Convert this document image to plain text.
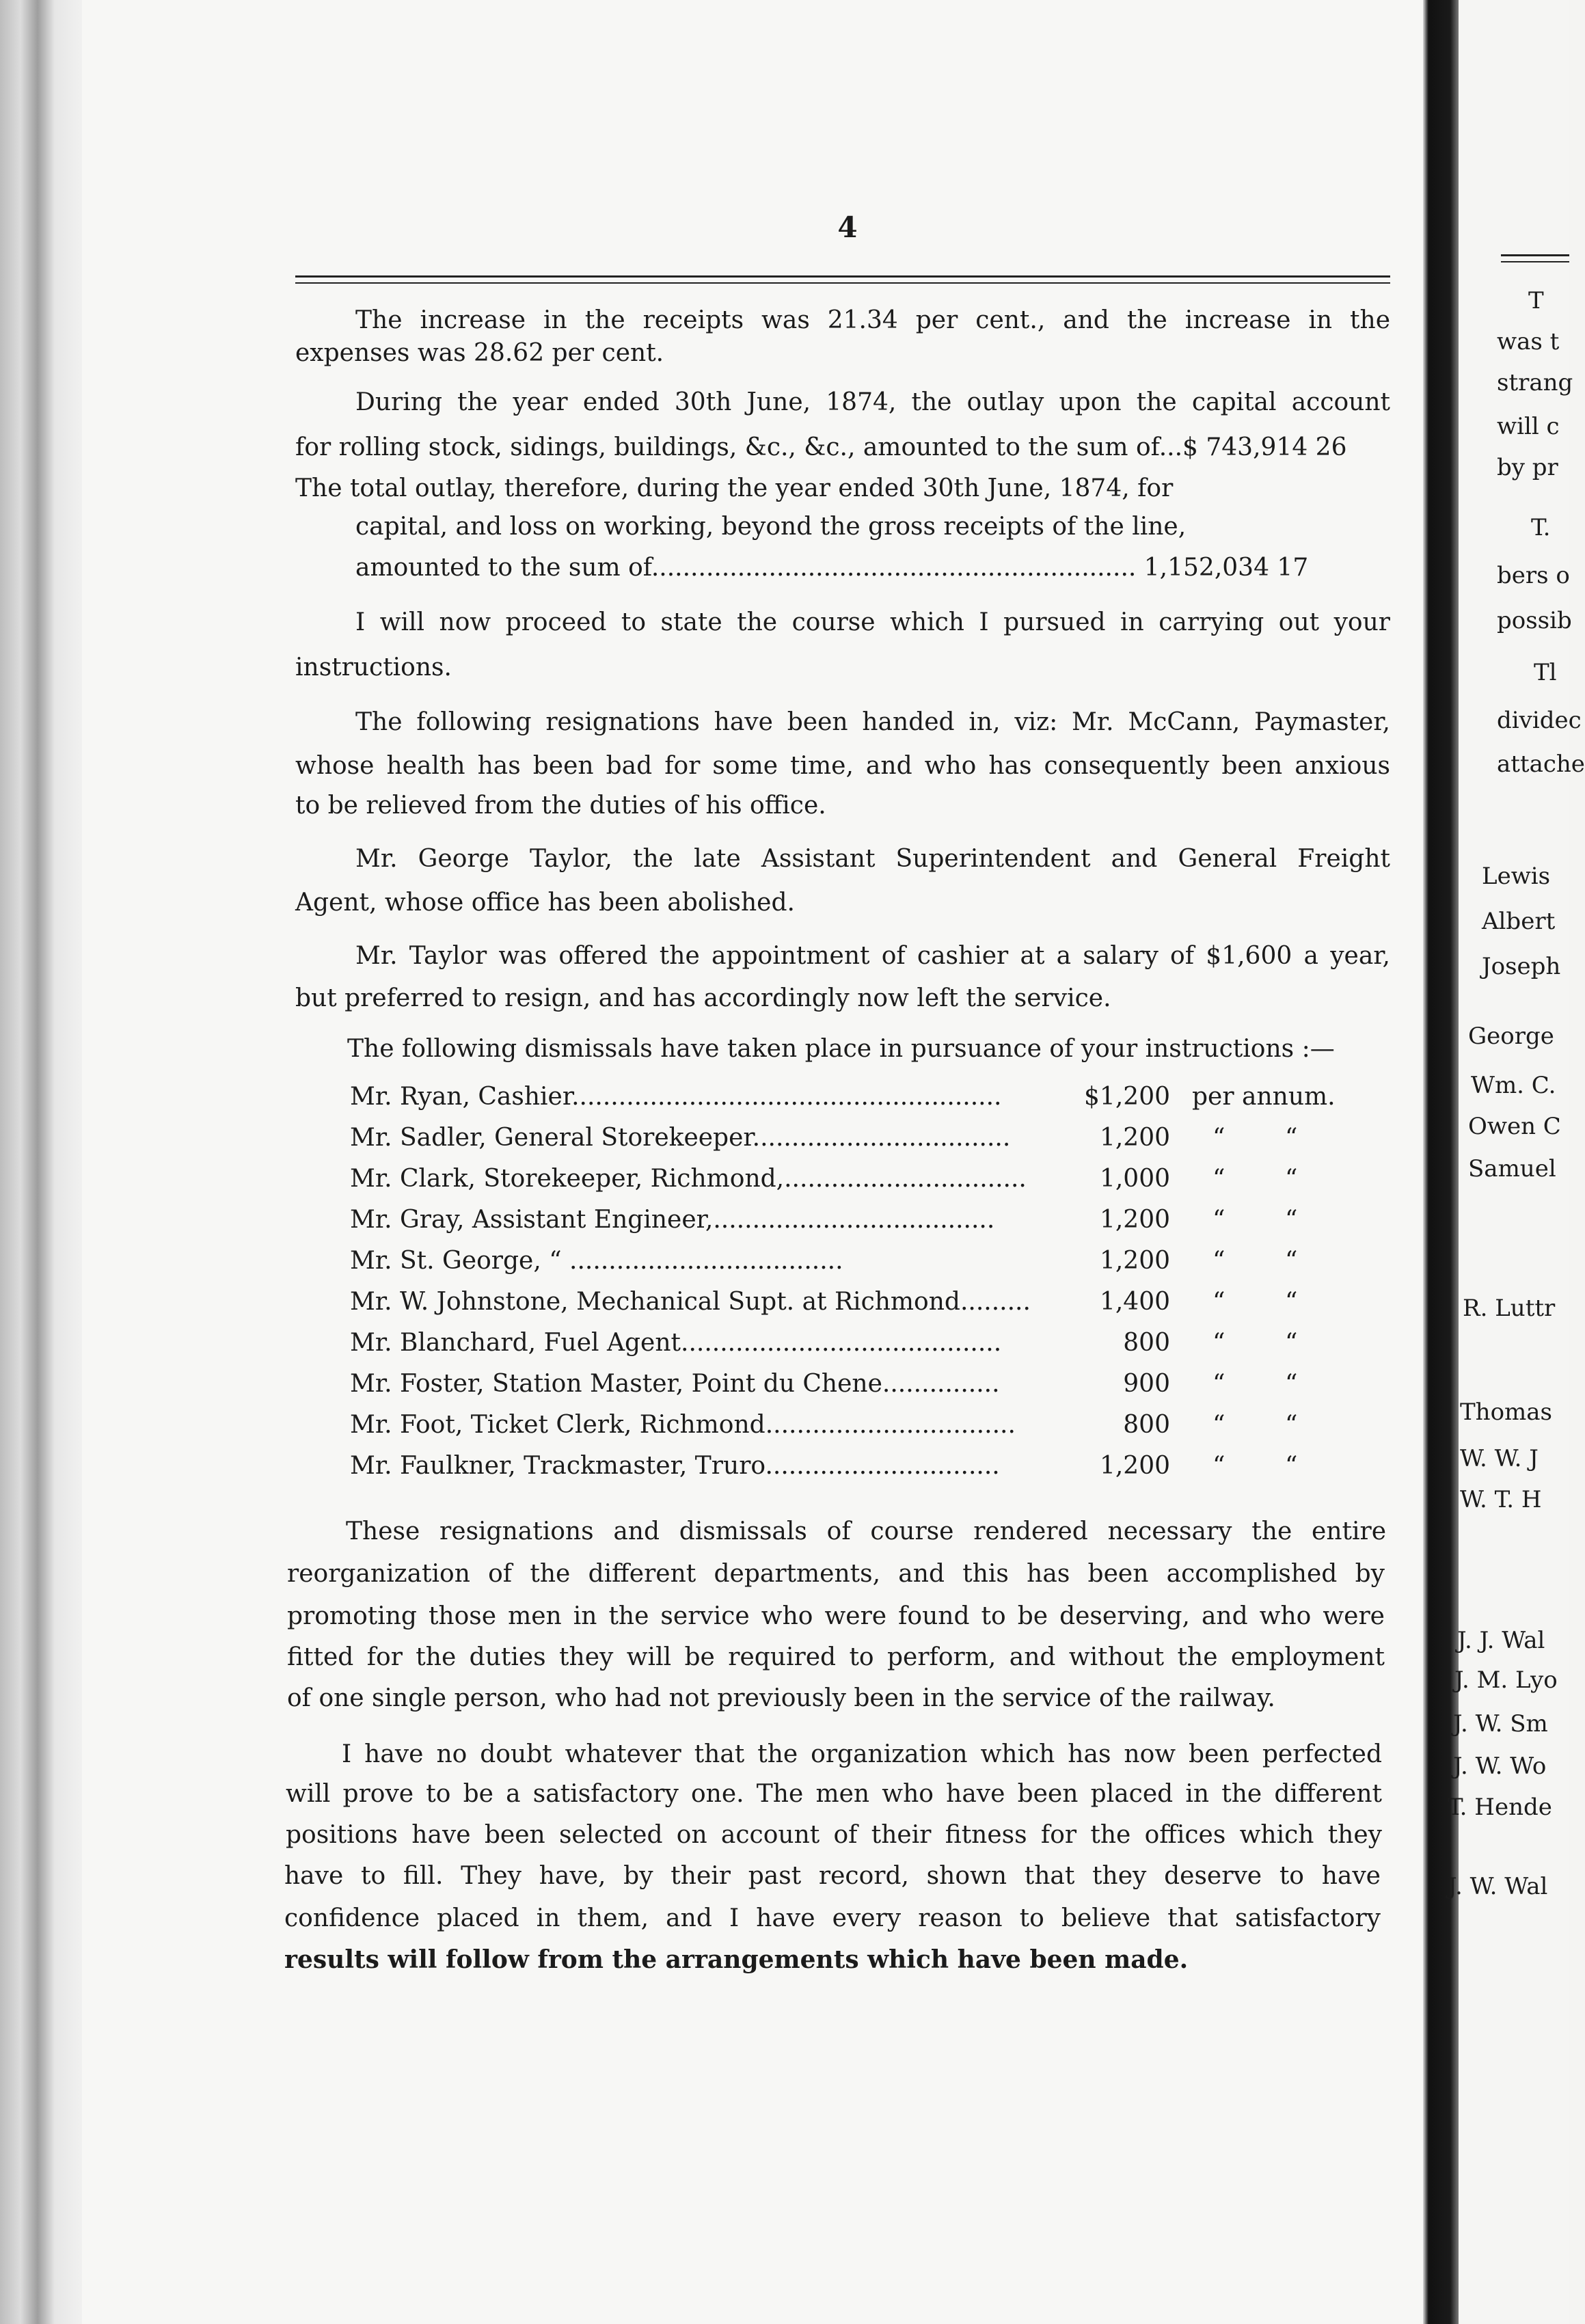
4
The increase in the receipts was 21.34 per cent., and the increase in the
expenses was 28.62 per cent.
During the year ended 30th June, 1874, the outlay upon the capital account
for rolling stock, sidings, buildings, &c., &c., amounted to the sum of...$ 743,914 26
The total outlay, therefore, during the year ended 30th June, 1874, for
capital, and loss on working, beyond the gross receipts of the line,
amounted to the sum of.............................................................. 1,152,034 17
I will now proceed to state the course which I pursued in carrying out your
instructions.
The following resignations have been handed in, viz: Mr. McCann, Paymaster,
whose health has been bad for some time, and who has consequently been anxious
to be relieved from the duties of his office.
Mr. George Taylor, the late Assistant Superintendent and General Freight
Agent, whose office has been abolished.
Mr. Taylor was offered the appointment of cashier at a salary of $1,600 a year,
but preferred to resign, and has accordingly now left the service.
The following dismissals have taken place in pursuance of your instructions :—
Mr. Ryan, Cashier.......................................................	$1,200 per annum.
Mr. Sadler, General Storekeeper.................................	1,200 “ “
Mr. Clark, Storekeeper, Richmond,...............................	1,000 “ “
Mr. Gray, Assistant Engineer,....................................	1,200 “ “
Mr. St. George, “ ...................................	1,200 “ “
Mr. W. Johnstone, Mechanical Supt. at Richmond.........	1,400 “ “
Mr. Blanchard, Fuel Agent.........................................	800 “ “
Mr. Foster, Station Master, Point du Chene...............	900 “ “
Mr. Foot, Ticket Clerk, Richmond................................	800 “ “
Mr. Faulkner, Trackmaster, Truro..............................	1,200 “ “
These resignations and dismissals of course rendered necessary the entire
reorganization of the different departments, and this has been accomplished by
promoting those men in the service who were found to be deserving, and who were
fitted for the duties they will be required to perform, and without the employment
of one single person, who had not previously been in the service of the railway.
I have no doubt whatever that the organization which has now been perfected
will prove to be a satisfactory one. The men who have been placed in the different
positions have been selected on account of their fitness for the offices which they
have to fill. They have, by their past record, shown that they deserve to have
confidence placed in them, and I have every reason to believe that satisfactory
results will follow from the arrangements which have been made.
T
was t
strang
will c
by pr
T.
bers o
possib
Tl
dividec
attache
Lewis
Albert
Joseph
George
Wm. C.
Owen C
Samuel
R. Luttr
Thomas
W. W. J
W. T. H
J. J. Wal
J. M. Lyo
J. W. Sm
J. W. Wo
T. Hende
J. W. Wal
